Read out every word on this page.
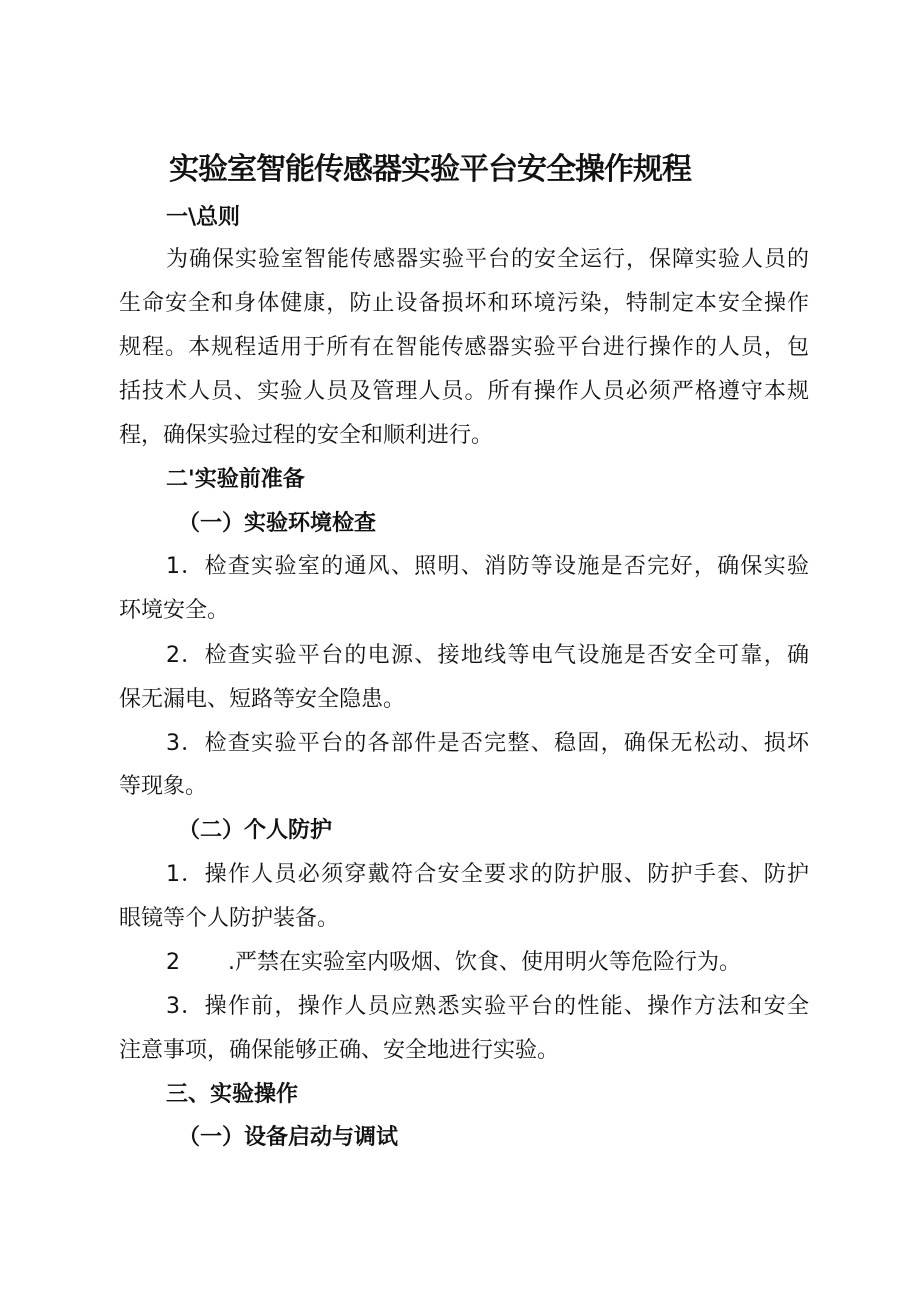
实验室智能传感器实验平台安全操作规程
一\总则
为确保实验室智能传感器实验平台的安全运行，保障实验人员的
生命安全和身体健康，防止设备损坏和环境污染，特制定本安全操作
规程。本规程适用于所有在智能传感器实验平台进行操作的人员，包
括技术人员、实验人员及管理人员。所有操作人员必须严格遵守本规
程，确保实验过程的安全和顺利进行。
二'实验前准备
（一）实验环境检查
1．检查实验室的通风、照明、消防等设施是否完好，确保实验
环境安全。
2．检查实验平台的电源、接地线等电气设施是否安全可靠，确
保无漏电、短路等安全隐患。
3．检查实验平台的各部件是否完整、稳固，确保无松动、损坏
等现象。
（二）个人防护
1．操作人员必须穿戴符合安全要求的防护服、防护手套、防护
眼镜等个人防护装备。
2 .严禁在实验室内吸烟、饮食、使用明火等危险行为。
3．操作前，操作人员应熟悉实验平台的性能、操作方法和安全
注意事项，确保能够正确、安全地进行实验。
三、实验操作
（一）设备启动与调试
